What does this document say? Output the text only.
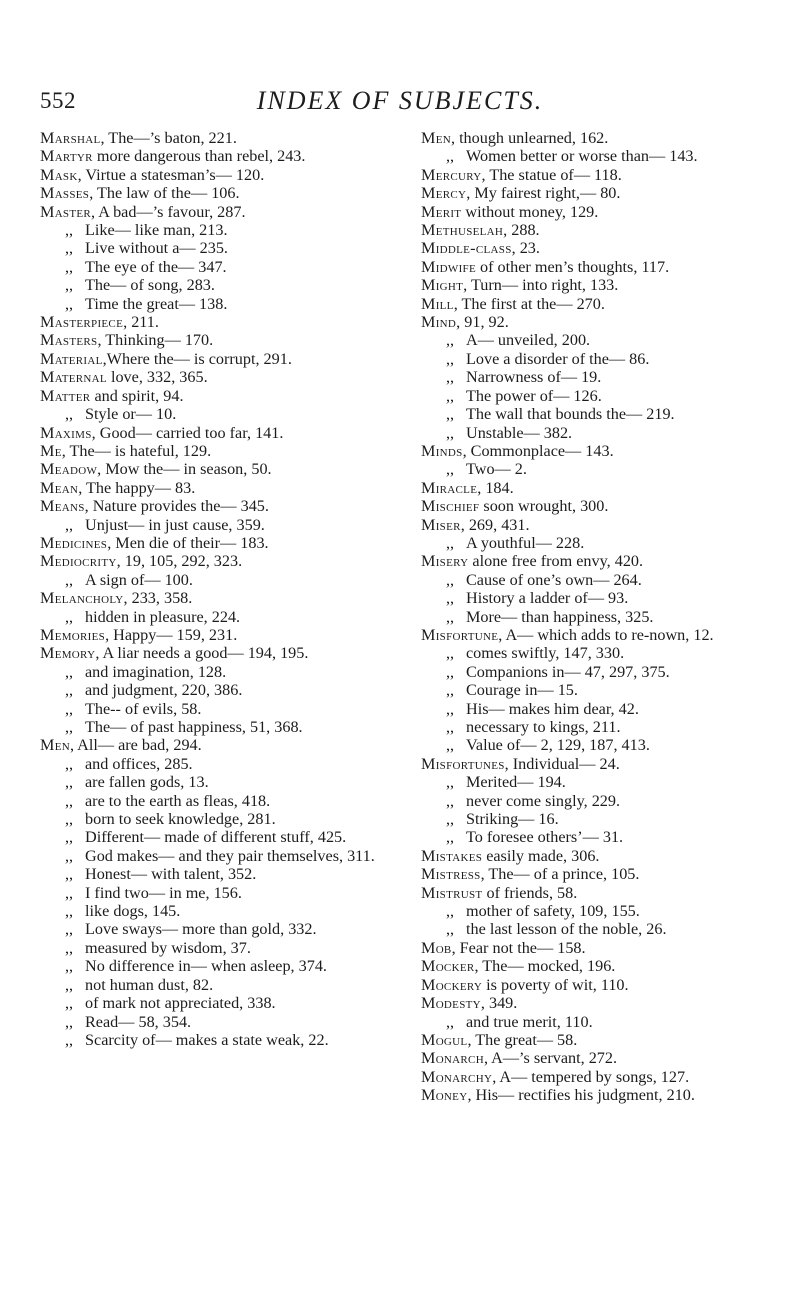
552	INDEX OF SUBJECTS.
Marshal, The—’s baton, 221.
Martyr more dangerous than rebel, 243.
Mask, Virtue a statesman’s— 120.
Masses, The law of the— 106.
Master, A bad—’s favour, 287.
,, Like— like man, 213.
,, Live without a— 235.
,, The eye of the— 347.
,, The— of song, 283.
,, Time the great— 138.
Masterpiece, 211.
Masters, Thinking— 170.
Material,Where the— is corrupt, 291.
Maternal love, 332, 365.
Matter and spirit, 94.
,, Style or— 10.
Maxims, Good— carried too far, 141.
Me, The— is hateful, 129.
Meadow, Mow the— in season, 50.
Mean, The happy— 83.
Means, Nature provides the— 345.
,, Unjust— in just cause, 359.
Medicines, Men die of their— 183.
Mediocrity, 19, 105, 292, 323.
,, A sign of— 100.
Melancholy, 233, 358.
,, hidden in pleasure, 224.
Memories, Happy— 159, 231.
Memory, A liar needs a good— 194, 195.
,, and imagination, 128.
,, and judgment, 220, 386.
,, The-- of evils, 58.
,, The— of past happiness, 51, 368.
Men, All— are bad, 294.
,, and offices, 285.
,, are fallen gods, 13.
,, are to the earth as fleas, 418.
,, born to seek knowledge, 281.
,, Different— made of different stuff, 425.
,, God makes— and they pair themselves, 311.
,, Honest— with talent, 352.
,, I find two— in me, 156.
,, like dogs, 145.
,, Love sways— more than gold, 332.
,, measured by wisdom, 37.
,, No difference in— when asleep, 374.
,, not human dust, 82.
,, of mark not appreciated, 338.
,, Read— 58, 354.
,, Scarcity of— makes a state weak, 22.
Men, though unlearned, 162.
,, Women better or worse than— 143.
Mercury, The statue of— 118.
Mercy, My fairest right,— 80.
Merit without money, 129.
Methuselah, 288.
Middle-class, 23.
Midwife of other men’s thoughts, 117.
Might, Turn— into right, 133.
Mill, The first at the— 270.
Mind, 91, 92.
,, A— unveiled, 200.
,, Love a disorder of the— 86.
,, Narrowness of— 19.
,, The power of— 126.
,, The wall that bounds the— 219.
,, Unstable— 382.
Minds, Commonplace— 143.
,, Two— 2.
Miracle, 184.
Mischief soon wrought, 300.
Miser, 269, 431.
,, A youthful— 228.
Misery alone free from envy, 420.
,, Cause of one’s own— 264.
,, History a ladder of— 93.
,, More— than happiness, 325.
Misfortune, A— which adds to re-nown, 12.
,, comes swiftly, 147, 330.
,, Companions in— 47, 297, 375.
,, Courage in— 15.
,, His— makes him dear, 42.
,, necessary to kings, 211.
,, Value of— 2, 129, 187, 413.
Misfortunes, Individual— 24.
,, Merited— 194.
,, never come singly, 229.
,, Striking— 16.
,, To foresee others’— 31.
Mistakes easily made, 306.
Mistress, The— of a prince, 105.
Mistrust of friends, 58.
,, mother of safety, 109, 155.
,, the last lesson of the noble, 26.
Mob, Fear not the— 158.
Mocker, The— mocked, 196.
Mockery is poverty of wit, 110.
Modesty, 349.
,, and true merit, 110.
Mogul, The great— 58.
Monarch, A—’s servant, 272.
Monarchy, A— tempered by songs, 127.
Money, His— rectifies his judgment, 210.
